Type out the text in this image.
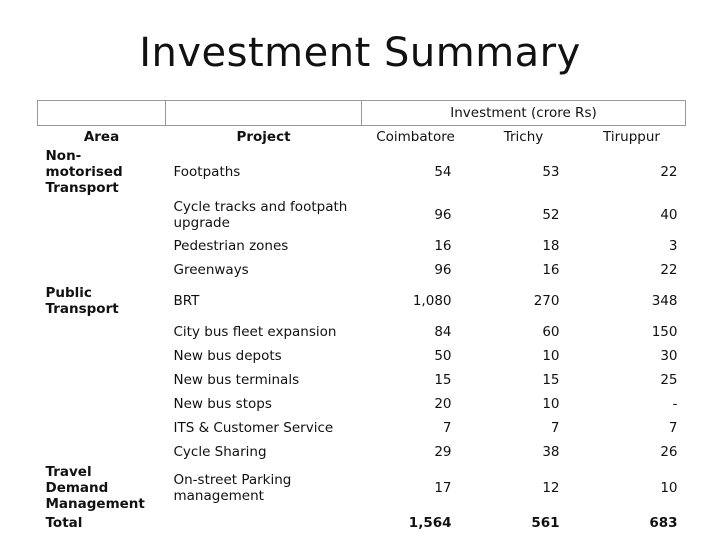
Investment Summary
		Investment (crore Rs)		
Area	Project	Coimbatore	Trichy	Tiruppur
Non-motorised Transport	Footpaths	54	53	22
	Cycle tracks and footpath upgrade	96	52	40
	Pedestrian zones	16	18	3
	Greenways	96	16	22
Public Transport	BRT	1,080	270	348
	City bus fleet expansion	84	60	150
	New bus depots	50	10	30
	New bus terminals	15	15	25
	New bus stops	20	10	-
	ITS & Customer Service	7	7	7
	Cycle Sharing	29	38	26
Travel Demand Management	On-street Parking management	17	12	10
Total		1,564	561	683
